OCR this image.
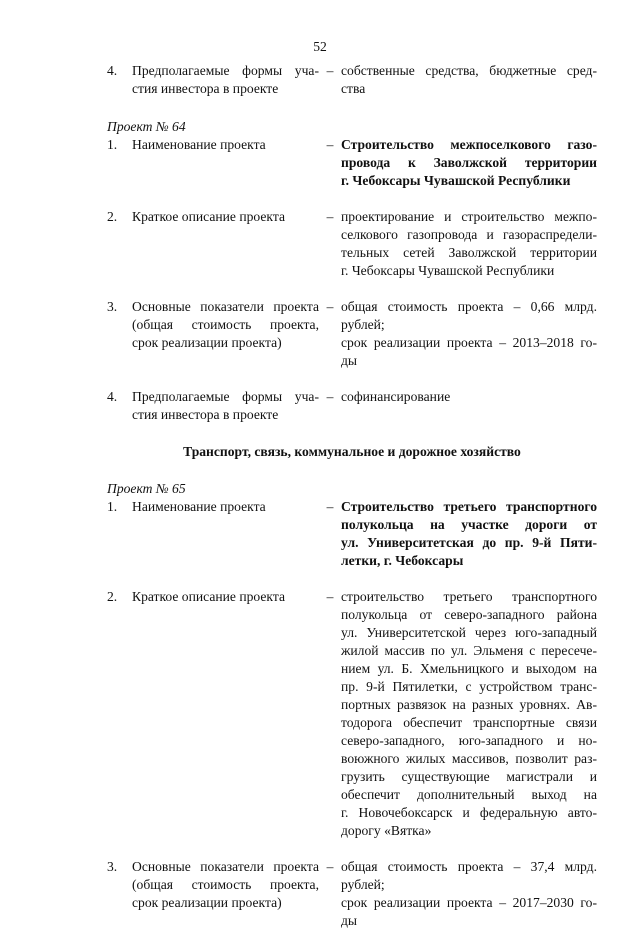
52
4.	Предполагаемые формы уча-
стия инвестора в проекте
– собственные средства, бюджетные сред-
ства
Проект № 64
1.	Наименование проекта	– Строительство межпоселкового газо-
провода к Заволжской территории
г. Чебоксары Чувашской Республики
2.	Краткое описание проекта	– проектирование и строительство межпо-
селкового газопровода и газораспредели-
тельных сетей Заволжской территории
г. Чебоксары Чувашской Республики
3.	Основные показатели проекта
(общая стоимость проекта,
срок реализации проекта)
– общая стоимость проекта – 0,66 млрд.
рублей;
срок реализации проекта – 2013–2018 го-
ды
4.	Предполагаемые формы уча-
стия инвестора в проекте
– софинансирование
Транспорт, связь, коммунальное и дорожное хозяйство
Проект № 65
1.	Наименование проекта	– Строительство третьего транспортного
полукольца на участке дороги от
ул. Университетская до пр. 9-й Пяти-
летки, г. Чебоксары
2.	Краткое описание проекта	– строительство третьего транспортного
полукольца от северо-западного района
ул. Университетской через юго-западный
жилой массив по ул. Эльменя с пересече-
нием ул. Б. Хмельницкого и выходом на
пр. 9-й Пятилетки, с устройством транс-
портных развязок на разных уровнях. Ав-
тодорога обеспечит транспортные связи
северо-западного, юго-западного и но-
воюжного жилых массивов, позволит раз-
грузить существующие магистрали и
обеспечит дополнительный выход на
г. Новочебоксарск и федеральную авто-
дорогу «Вятка»
3.	Основные показатели проекта
(общая стоимость проекта,
срок реализации проекта)
– общая стоимость проекта – 37,4 млрд.
рублей;
срок реализации проекта – 2017–2030 го-
ды
